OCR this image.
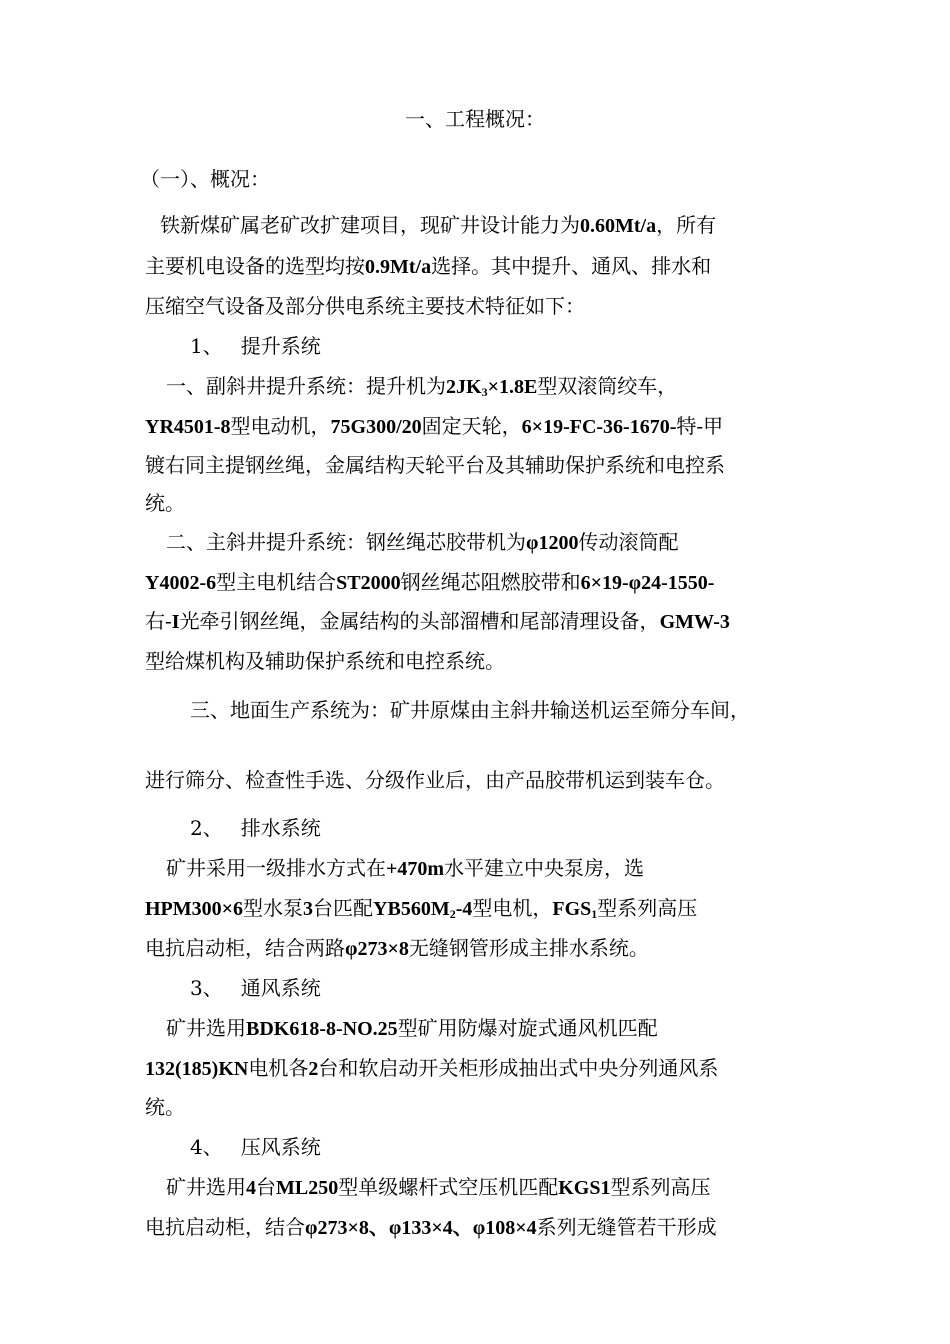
一、工程概况：
（一）、概况：
铁新煤矿属老矿改扩建项目，现矿井设计能力为0.60Mt/a，所有
主要机电设备的选型均按0.9Mt/a选择。其中提升、通风、排水和
压缩空气设备及部分供电系统主要技术特征如下：
1、 提升系统
一、副斜井提升系统：提升机为$2JK_3\times 1.8E$型双滚筒绞车，
YR4501-8型电动机，75G300/20固定天轮，6×19-FC-36-1670-特-甲
镀右同主提钢丝绳，金属结构天轮平台及其辅助保护系统和电控系
统。
二、主斜井提升系统：钢丝绳芯胶带机为φ1200传动滚筒配
Y4002-6型主电机结合ST2000钢丝绳芯阻燃胶带和6×19-φ24-1550-
右-I光牵引钢丝绳，金属结构的头部溜槽和尾部清理设备，GMW-3
型给煤机构及辅助保护系统和电控系统。
三、地面生产系统为：矿井原煤由主斜井输送机运至筛分车间，
进行筛分、检查性手选、分级作业后，由产品胶带机运到装车仓。
2、 排水系统
矿井采用一级排水方式在+470m水平建立中央泵房，选
HPM300×6型水泵3台匹配$YB560M_2-4$型电机，$FGS_1$型系列高压
电抗启动柜，结合两路φ273×8无缝钢管形成主排水系统。
3、 通风系统
矿井选用BDK618-8-NO.25型矿用防爆对旋式通风机匹配
132(185)KN电机各2台和软启动开关柜形成抽出式中央分列通风系
统。
4、 压风系统
矿井选用4台ML250型单级螺杆式空压机匹配KGS1型系列高压
电抗启动柜，结合φ273×8、φ133×4、φ108×4系列无缝管若干形成
